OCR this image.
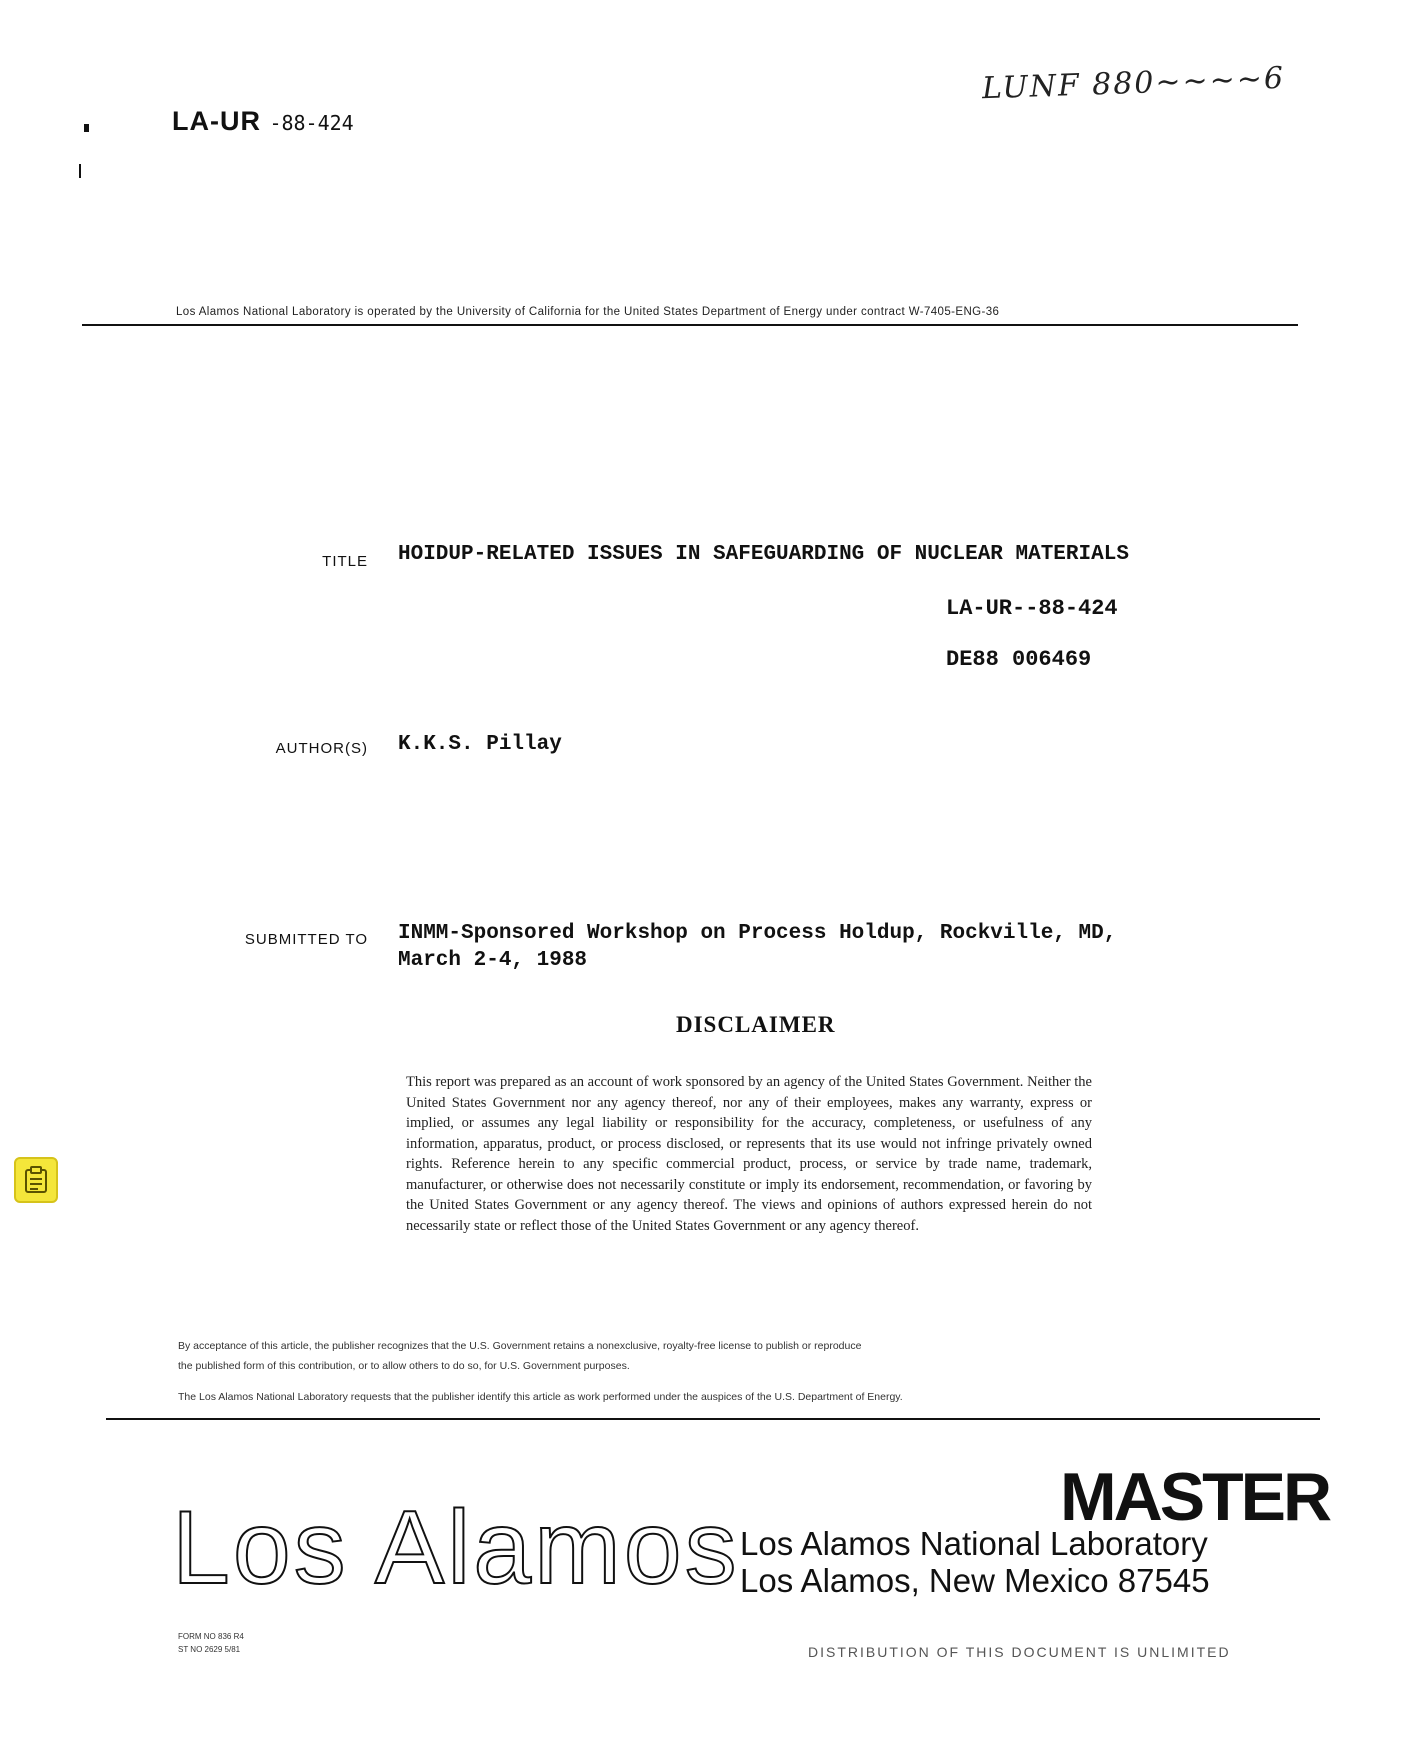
LA-UR -88-424
LUNF 880~~~~6
Los Alamos National Laboratory is operated by the University of California for the United States Department of Energy under contract W-7405-ENG-36
TITLE HOIDUP-RELATED ISSUES IN SAFEGUARDING OF NUCLEAR MATERIALS
LA-UR--88-424
DE88 006469
AUTHOR(S) K.K.S. Pillay
SUBMITTED TO INMM-Sponsored Workshop on Process Holdup, Rockville, MD,
March 2-4, 1988
DISCLAIMER
This report was prepared as an account of work sponsored by an agency of the United States Government. Neither the United States Government nor any agency thereof, nor any of their employees, makes any warranty, express or implied, or assumes any legal liability or responsibility for the accuracy, completeness, or usefulness of any information, apparatus, product, or process disclosed, or represents that its use would not infringe privately owned rights. Reference herein to any specific commercial product, process, or service by trade name, trademark, manufacturer, or otherwise does not necessarily constitute or imply its endorsement, recommendation, or favoring by the United States Government or any agency thereof. The views and opinions of authors expressed herein do not necessarily state or reflect those of the United States Government or any agency thereof.
By acceptance of this article, the publisher recognizes that the U.S. Government retains a nonexclusive, royalty-free license to publish or reproduce
the published form of this contribution, or to allow others to do so, for U.S. Government purposes.
The Los Alamos National Laboratory requests that the publisher identify this article as work performed under the auspices of the U.S. Department of Energy.
MASTER
Los Alamos Los Alamos National Laboratory
Los Alamos, New Mexico 87545
FORM NO 836 R4
ST NO 2629 5/81	DISTRIBUTION OF THIS DOCUMENT IS UNLIMITED
